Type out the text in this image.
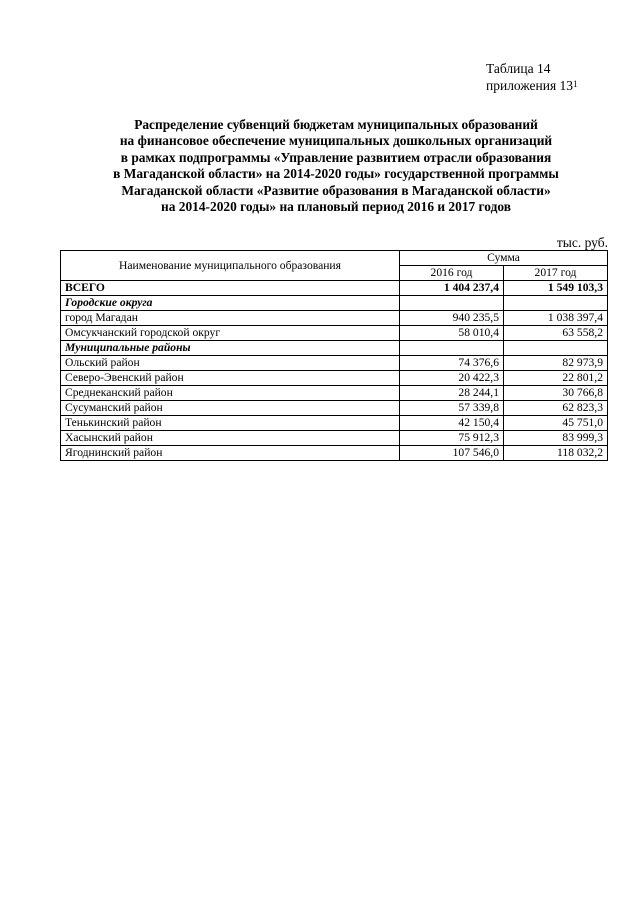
Таблица 14
приложения $13^1$
Распределение субвенций бюджетам муниципальных образований
на финансовое обеспечение муниципальных дошкольных организаций
в рамках подпрограммы «Управление развитием отрасли образования
в Магаданской области» на 2014-2020 годы» государственной программы
Магаданской области «Развитие образования в Магаданской области»
на 2014-2020 годы» на плановый период 2016 и 2017 годов
тыс. руб.
Наименование муниципального образования	Сумма	
	2016 год	2017 год
ВСЕГО	1 404 237,4	1 549 103,3
Городские округа		
город Магадан	940 235,5	1 038 397,4
Омсукчанский городской округ	58 010,4	63 558,2
Муниципальные районы		
Ольский район	74 376,6	82 973,9
Северо-Эвенский район	20 422,3	22 801,2
Среднеканский район	28 244,1	30 766,8
Сусуманский район	57 339,8	62 823,3
Тенькинский район	42 150,4	45 751,0
Хасынский район	75 912,3	83 999,3
Ягоднинский район	107 546,0	118 032,2
